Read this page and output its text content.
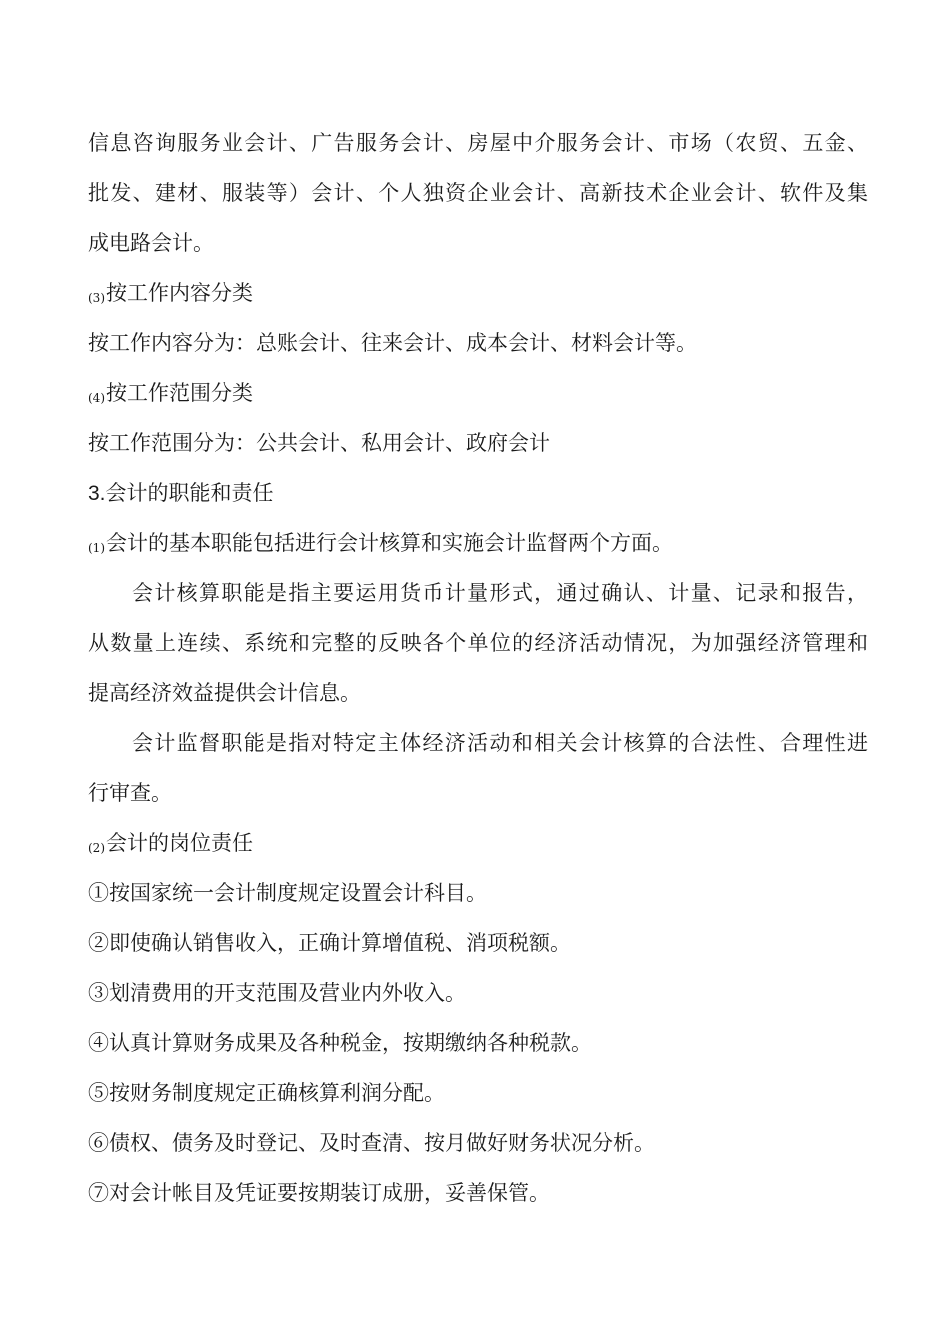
信息咨询服务业会计、广告服务会计、房屋中介服务会计、市场（农贸、五金、
批发、建材、服装等）会计、个人独资企业会计、高新技术企业会计、软件及集
成电路会计。
(3)按工作内容分类
按工作内容分为：总账会计、往来会计、成本会计、材料会计等。
(4)按工作范围分类
按工作范围分为：公共会计、私用会计、政府会计
3.会计的职能和责任
(1)会计的基本职能包括进行会计核算和实施会计监督两个方面。
会计核算职能是指主要运用货币计量形式，通过确认、计量、记录和报告，
从数量上连续、系统和完整的反映各个单位的经济活动情况，为加强经济管理和
提高经济效益提供会计信息。
会计监督职能是指对特定主体经济活动和相关会计核算的合法性、合理性进
行审查。
(2)会计的岗位责任
①按国家统一会计制度规定设置会计科目。
②即使确认销售收入，正确计算增值税、消项税额。
③划清费用的开支范围及营业内外收入。
④认真计算财务成果及各种税金，按期缴纳各种税款。
⑤按财务制度规定正确核算利润分配。
⑥债权、债务及时登记、及时查清、按月做好财务状况分析。
⑦对会计帐目及凭证要按期装订成册，妥善保管。
